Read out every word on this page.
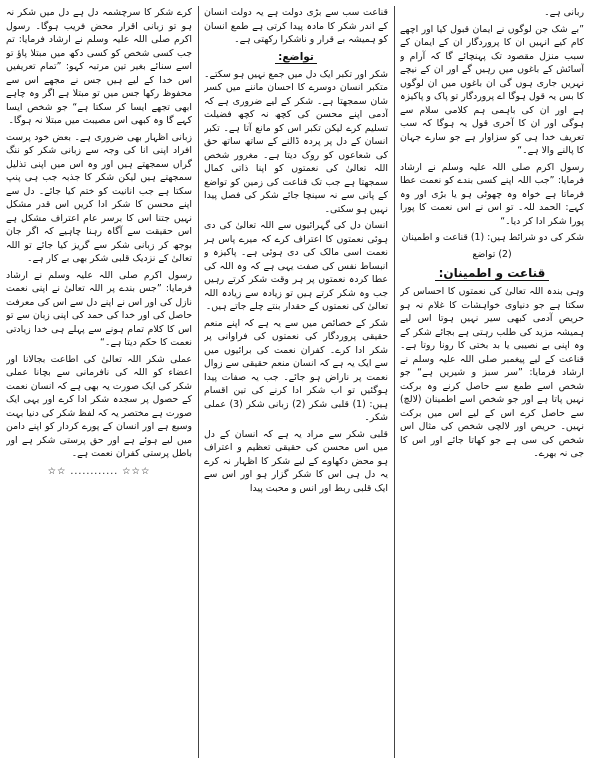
ربانی ہے۔

”بے شک جن لوگوں نے ایمان قبول کیا اور اچھے کام کیے انہیں ان کا پروردگار ان کے ایمان کے سبب منزل مقصود تک پہنچائے گا کہ آرام و آسائش کے باغوں میں رہیں گے اور ان کے نیچے نہریں جاری ہوں گی ان باغوں میں ان لوگوں کا بس یہ قول ہوگا اے پروردگار تو پاک و پاکیزہ ہے اور ان کی باہمی ہم کلامی سلام سے ہوگی اور ان کا آخری قول یہ ہوگا کہ سب تعریف خدا ہی کو سزاوار ہے جو سارے جہان کا پالنے والا ہے۔“

رسول اکرم صلی اللہ علیہ وسلم نے ارشاد فرمایا: ”جب اللہ اپنے کسی بندے کو نعمت عطا فرماتا ہے خواہ وہ چھوٹی ہو یا بڑی اور وہ کہے: الحمد للہ۔ تو اس نے اس نعمت کا پورا پورا شکر ادا کر دیا۔“

شکر کی دو شرائط ہیں: (1) قناعت و اطمینان

(2) تواضع

قناعت و اطمینان:

وہی بندہ اللہ تعالیٰ کی نعمتوں کا احساس کر سکتا ہے جو دنیاوی خواہشات کا غلام نہ ہو حریص آدمی کبھی سیر نہیں ہوتا اس لیے ہمیشہ مزید کی طلب رہتی ہے بجائے شکر کے وہ اپنی بے نصیبی یا بد بختی کا رونا روتا ہے۔ قناعت کے لیے پیغمبر صلی اللہ علیہ وسلم نے ارشاد فرمایا: ”سر سبز و شیریں ہے“ جو شخص اسے طمع سے حاصل کرنے وہ برکت نہیں پاتا ہے اور جو شخص اسے اطمینان (لالچ) سے حاصل کرے اس کے لیے اس میں برکت نہیں۔ حریص اور لالچی شخص کی مثال اس شخص کی سی ہے جو کھاتا جائے اور اس کا جی نہ بھرے۔

قناعت سب سے بڑی دولت ہے یہ دولت انسان کے اندر شکر کا مادہ پیدا کرتی ہے طمع انسان کو ہمیشہ بے قرار و ناشکرا رکھتی ہے۔

تواضع:

شکر اور تکبر ایک دل میں جمع نہیں ہو سکتے۔ متکبر انسان دوسرے کا احسان ماننے میں کسر شان سمجھتا ہے۔ شکر کے لیے ضروری ہے کہ آدمی اپنے محسن کی کچھ نہ کچھ فضیلت تسلیم کرے لیکن تکبر اس کو مانع آتا ہے۔ تکبر انسان کے دل پر پردہ ڈالنے کے ساتھ ساتھ حق کی شعاعوں کو روک دیتا ہے۔ مغرور شخص اللہ تعالیٰ کی نعمتوں کو اپنا ذاتی کمال سمجھتا ہے جب تک قناعت کی زمین کو تواضع کے پانی سے نہ سینچا جائے شکر کی فصل پیدا نہیں ہو سکتی۔

انسان دل کی گہرائیوں سے اللہ تعالیٰ کی دی ہوئی نعمتوں کا اعتراف کرے کہ میرے پاس ہر نعمت اسی مالک کی دی ہوئی ہے۔ پاکیزہ و انبساط نفس کی صفت یہی ہے کہ وہ اللہ کی عطا کردہ نعمتوں پر ہر وقت شکر کرتے رہیں جب وہ شکر کرتے ہیں تو زیادہ سے زیادہ اللہ تعالیٰ کی نعمتوں کے حقدار بنتے چلے جاتے ہیں۔

شکر کے خصائص میں سے یہ ہے کہ اپنے منعم حقیقی پروردگار کی نعمتوں کی فراوانی پر شکر ادا کرے۔ کفران نعمت کی برائیوں میں سے ایک یہ ہے کہ انسان منعم حقیقی سے زوال نعمت پر ناراض ہو جائے۔ جب یہ صفات پیدا ہوگئیں تو اب شکر ادا کرنے کی تین اقسام ہیں: (1) قلبی شکر (2) زبانی شکر (3) عملی شکر۔

قلبی شکر سے مراد یہ ہے کہ انسان کے دل میں اس محسن کی حقیقی تعظیم و اعتراف ہو محض دکھاوے کے لیے شکر کا اظہار نہ کرے یہ دل ہی اس کا شکر گزار ہو اور اس سے ایک قلبی ربط اور انس و محبت پیدا

کرے شکر کا سرچشمہ دل ہے دل میں شکر نہ ہو تو زبانی اقرار محض فریب ہوگا۔ رسول اکرم صلی اللہ علیہ وسلم نے ارشاد فرمایا: تم جب کسی شخص کو کسی دکھ میں مبتلا پاؤ تو اسے سنائے بغیر تین مرتبہ کہو: ”تمام تعریفیں اس خدا کے لیے ہیں جس نے مجھے اس سے محفوظ رکھا جس میں تو مبتلا ہے اگر وہ چاہے ابھی تجھے ایسا کر سکتا ہے“ جو شخص ایسا کہے گا وہ کبھی اس مصیبت میں مبتلا نہ ہوگا۔

زبانی اظہار بھی ضروری ہے۔ بعض خود پرست افراد اپنی انا کی وجہ سے زبانی شکر کو ننگ گراں سمجھتے ہیں اور وہ اس میں اپنی تذلیل سمجھتے ہیں لیکن شکر کا جذبہ جب ہی پنپ سکتا ہے جب انانیت کو ختم کیا جائے۔ دل سے اپنے محسن کا شکر ادا کریں اس قدر مشکل نہیں جتنا اس کا برسر عام اعتراف مشکل ہے اس حقیقت سے آگاہ رہنا چاہیے کہ اگر جان بوجھ کر زبانی شکر سے گریز کیا جائے تو اللہ تعالیٰ کے نزدیک قلبی شکر بھی بے کار ہے۔

رسول اکرم صلی اللہ علیہ وسلم نے ارشاد فرمایا: ”جس بندے پر اللہ تعالیٰ نے اپنی نعمت نازل کی اور اس نے اپنے دل سے اس کی معرفت حاصل کی اور خدا کی حمد کی اپنی زبان سے تو اس کا کلام تمام ہونے سے پہلے ہی خدا زیادتی نعمت کا حکم دیتا ہے۔“

عملی شکر اللہ تعالیٰ کی اطاعت بجالانا اور اعضاء کو اللہ کی نافرمانی سے بچانا عملی شکر کی ایک صورت یہ بھی ہے کہ انسان نعمت کے حصول پر سجدہ شکر ادا کرے اور یہی ایک صورت ہے مختصر یہ کہ لفظ شکر کی دنیا بہت وسیع ہے اور انسان کے پورے کردار کو اپنے دامن میں لیے ہوئے ہے اور حق پرستی شکر ہے اور باطل پرستی کفران نعمت ہے۔

☆☆☆ ............ ☆☆
